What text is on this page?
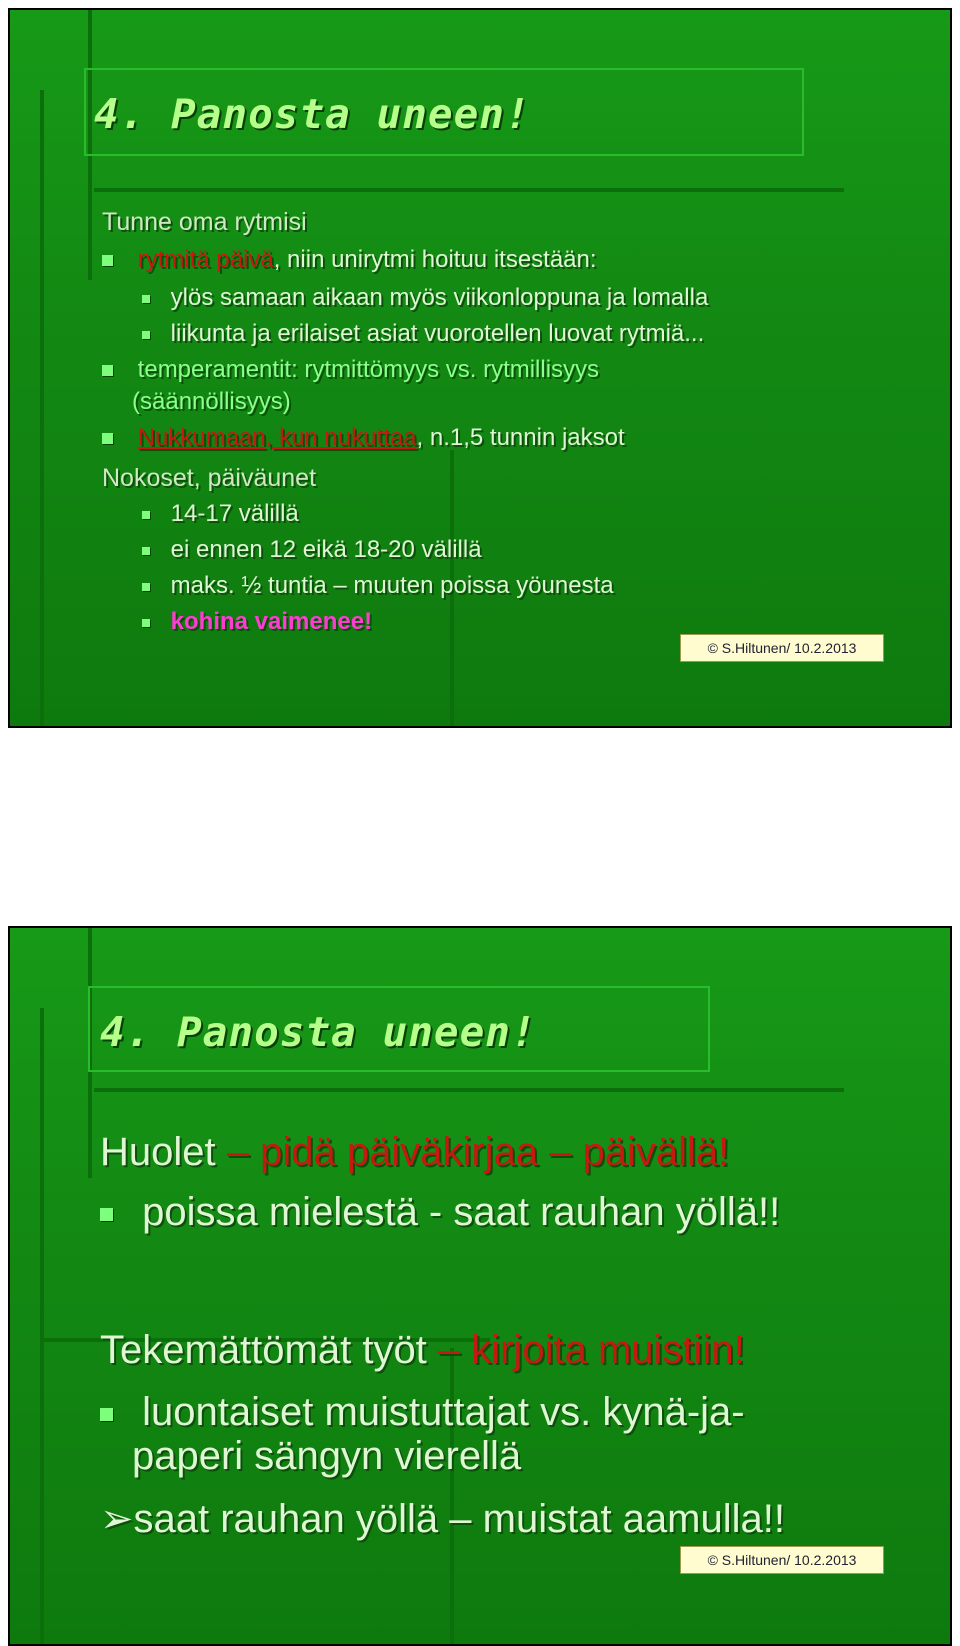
4. Panosta uneen!
Tunne oma rytmisi
rytmitä päivä, niin unirytmi hoituu itsestään:
ylös samaan aikaan myös viikonloppuna ja lomalla
liikunta ja erilaiset asiat vuorotellen luovat rytmiä...
temperamentit: rytmittömyys vs. rytmillisyys
(säännöllisyys)
Nukkumaan, kun nukuttaa, n.1,5 tunnin jaksot
Nokoset, päiväunet
14-17 välillä
ei ennen 12 eikä 18-20 välillä
maks. ½ tuntia – muuten poissa yöunesta
kohina vaimenee!
© S.Hiltunen/ 10.2.2013
4. Panosta uneen!
Huolet – pidä päiväkirjaa – päivällä!
poissa mielestä - saat rauhan yöllä!!
Tekemättömät työt – kirjoita muistiin!
luontaiset muistuttajat vs. kynä-ja-
paperi sängyn vierellä
➢saat rauhan yöllä – muistat aamulla!!
© S.Hiltunen/ 10.2.2013
